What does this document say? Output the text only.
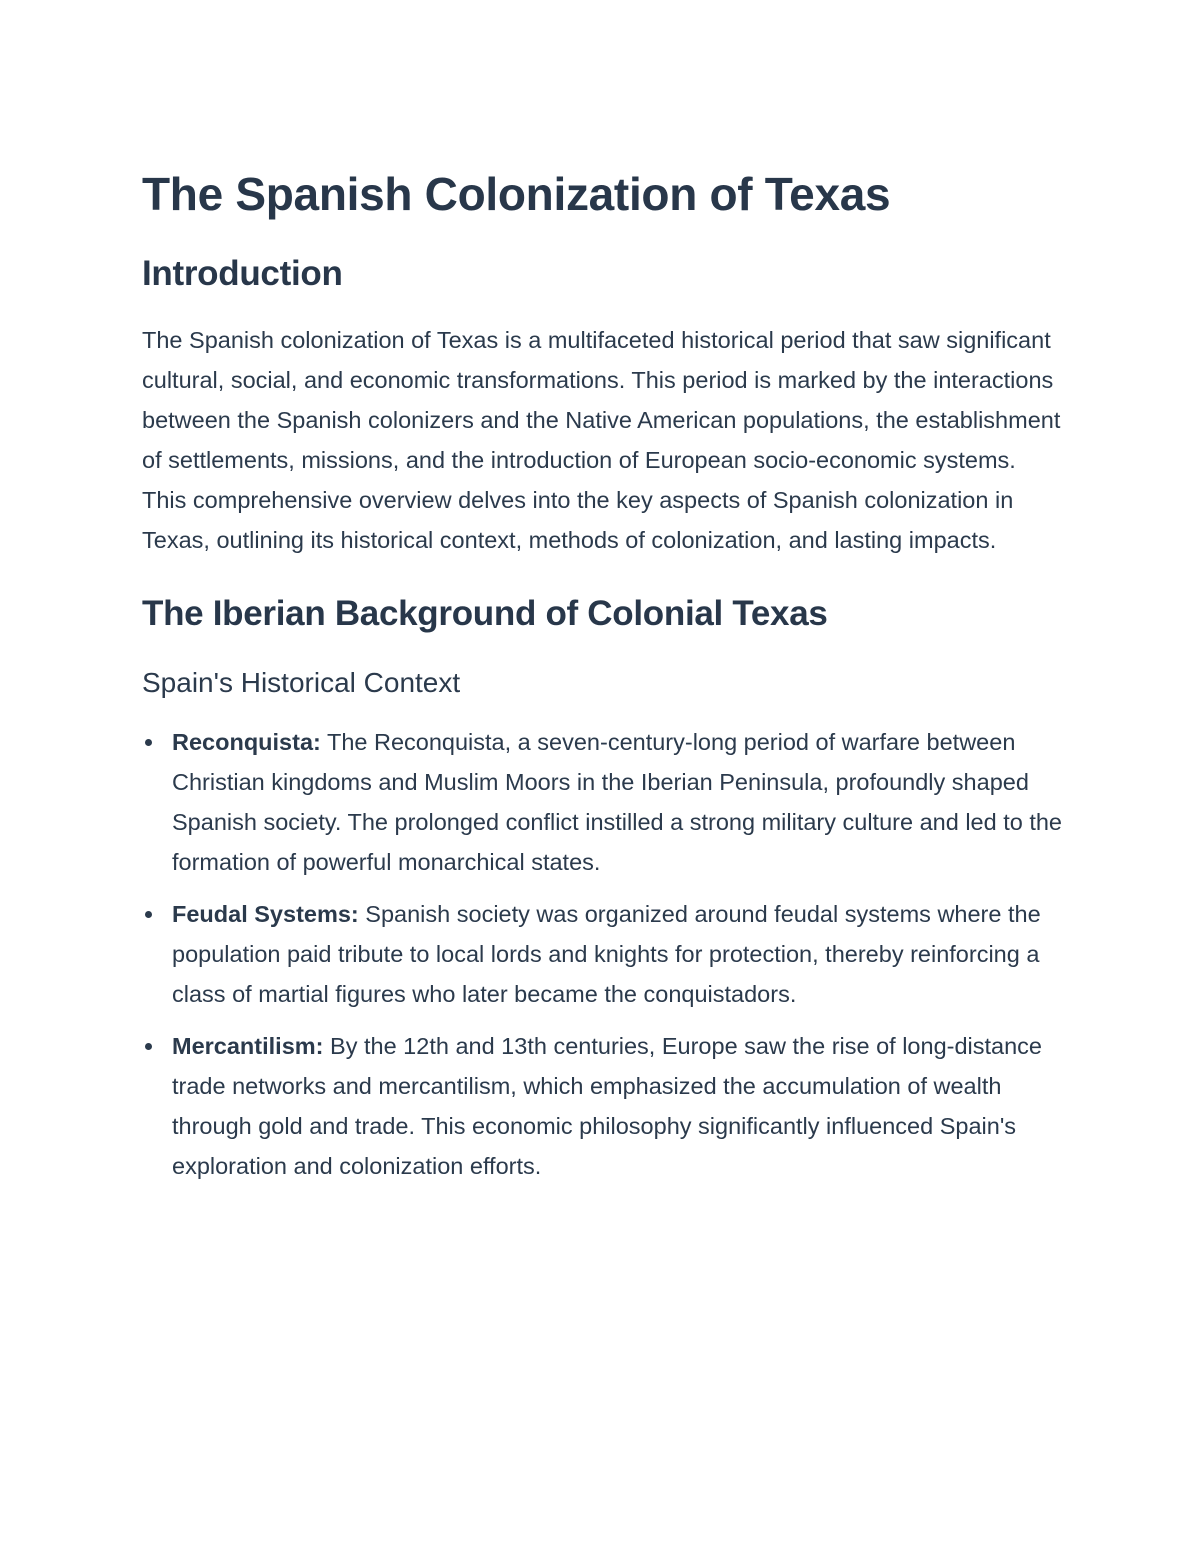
The Spanish Colonization of Texas
Introduction

The Spanish colonization of Texas is a multifaceted historical period that saw significant cultural, social, and economic transformations. This period is marked by the interactions between the Spanish colonizers and the Native American populations, the establishment of settlements, missions, and the introduction of European socio-economic systems. This comprehensive overview delves into the key aspects of Spanish colonization in Texas, outlining its historical context, methods of colonization, and lasting impacts.

The Iberian Background of Colonial Texas
Spain's Historical Context
Reconquista: The Reconquista, a seven-century-long period of warfare between Christian kingdoms and Muslim Moors in the Iberian Peninsula, profoundly shaped Spanish society. The prolonged conflict instilled a strong military culture and led to the formation of powerful monarchical states.
Feudal Systems: Spanish society was organized around feudal systems where the population paid tribute to local lords and knights for protection, thereby reinforcing a class of martial figures who later became the conquistadors.
Mercantilism: By the 12th and 13th centuries, Europe saw the rise of long-distance trade networks and mercantilism, which emphasized the accumulation of wealth through gold and trade. This economic philosophy significantly influenced Spain's exploration and colonization efforts.
